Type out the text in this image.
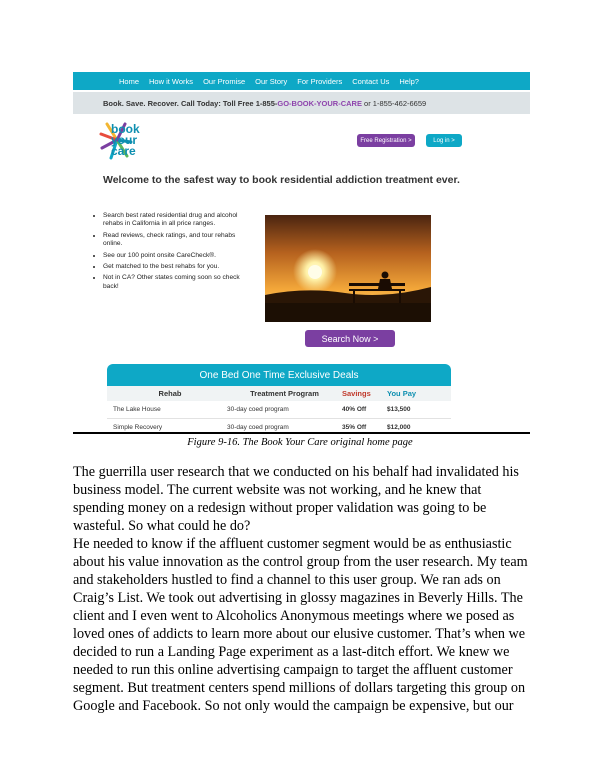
Home How it Works Our Promise Our Story For Providers Contact Us Help?
Book. Save. Recover. Call Today: Toll Free 1-855-GO-BOOK-YOUR-CARE or 1-855-462-6659
book
your
care
Free Registration >	Log in >
Welcome to the safest way to book residential addiction treatment ever.
• Search best rated residential drug and alcohol rehabs in California in all price ranges.
• Read reviews, check ratings, and tour rehabs online.
• See our 100 point onsite CareCheck®.
• Get matched to the best rehabs for you.
• Not in CA? Other states coming soon so check back!
Search Now >
One Bed One Time Exclusive Deals
Rehab	Treatment Program	Savings	You Pay
The Lake House	30-day coed program	40% Off	$13,500
Simple Recovery	30-day coed program	35% Off	$12,000
Figure 9-16. The Book Your Care original home page

The guerrilla user research that we conducted on his behalf had invalidated his business model. The current website was not working, and he knew that spending money on a redesign without proper validation was going to be wasteful. So what could he do?

He needed to know if the affluent customer segment would be as enthusiastic about his value innovation as the control group from the user research. My team and stakeholders hustled to find a channel to this user group. We ran ads on Craig’s List. We took out advertising in glossy magazines in Beverly Hills. The client and I even went to Alcoholics Anonymous meetings where we posed as loved ones of addicts to learn more about our elusive customer. That’s when we decided to run a Landing Page experiment as a last-ditch effort. We knew we needed to run this online advertising campaign to target the affluent customer segment. But treatment centers spend millions of dollars targeting this group on Google and Facebook. So not only would the campaign be expensive, but our
